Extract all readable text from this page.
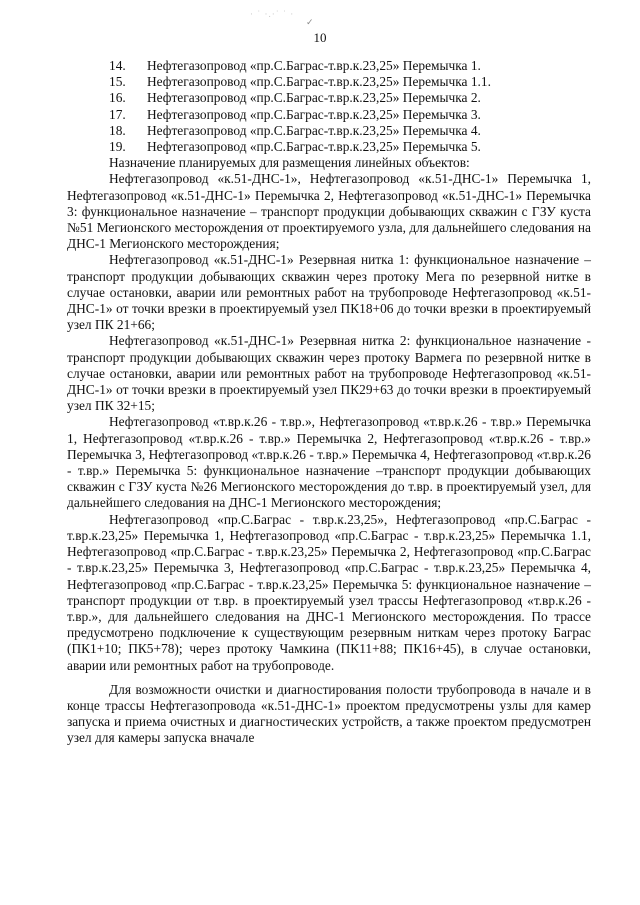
· ˙ ·.·˙ ˙ ·
✓
10
14.	Нефтегазопровод «пр.С.Баграс-т.вр.к.23,25» Перемычка 1.
15.	Нефтегазопровод «пр.С.Баграс-т.вр.к.23,25» Перемычка 1.1.
16.	Нефтегазопровод «пр.С.Баграс-т.вр.к.23,25» Перемычка 2.
17.	Нефтегазопровод «пр.С.Баграс-т.вр.к.23,25» Перемычка 3.
18.	Нефтегазопровод «пр.С.Баграс-т.вр.к.23,25» Перемычка 4.
19.	Нефтегазопровод «пр.С.Баграс-т.вр.к.23,25» Перемычка 5.

Назначение планируемых для размещения линейных объектов:

Нефтегазопровод «к.51-ДНС-1», Нефтегазопровод «к.51-ДНС-1» Перемычка 1, Нефтегазопровод «к.51-ДНС-1» Перемычка 2, Нефтегазопровод «к.51-ДНС-1» Перемычка 3: функциональное назначение – транспорт продукции добывающих скважин с ГЗУ куста №51 Мегионского месторождения от проектируемого узла, для дальнейшего следования на ДНС-1 Мегионского месторождения;

Нефтегазопровод «к.51-ДНС-1» Резервная нитка 1: функциональное назначение – транспорт продукции добывающих скважин через протоку Мега по резервной нитке в случае остановки, аварии или ремонтных работ на трубопроводе Нефтегазопровод «к.51-ДНС-1» от точки врезки в проектируемый узел ПК18+06 до точки врезки в проектируемый узел ПК 21+66;

Нефтегазопровод «к.51-ДНС-1» Резервная нитка 2: функциональное назначение - транспорт продукции добывающих скважин через протоку Вармега по резервной нитке в случае остановки, аварии или ремонтных работ на трубопроводе Нефтегазопровод «к.51-ДНС-1» от точки врезки в проектируемый узел ПК29+63 до точки врезки в проектируемый узел ПК 32+15;

Нефтегазопровод «т.вр.к.26 - т.вр.», Нефтегазопровод «т.вр.к.26 - т.вр.» Перемычка 1, Нефтегазопровод «т.вр.к.26 - т.вр.» Перемычка 2, Нефтегазопровод «т.вр.к.26 - т.вр.» Перемычка 3, Нефтегазопровод «т.вр.к.26 - т.вр.» Перемычка 4, Нефтегазопровод «т.вр.к.26 - т.вр.» Перемычка 5: функциональное назначение –транспорт продукции добывающих скважин с ГЗУ куста №26 Мегионского месторождения до т.вр. в проектируемый узел, для дальнейшего следования на ДНС-1 Мегионского месторождения;

Нефтегазопровод «пр.С.Баграс - т.вр.к.23,25», Нефтегазопровод «пр.С.Баграс - т.вр.к.23,25» Перемычка 1, Нефтегазопровод «пр.С.Баграс - т.вр.к.23,25» Перемычка 1.1, Нефтегазопровод «пр.С.Баграс - т.вр.к.23,25» Перемычка 2, Нефтегазопровод «пр.С.Баграс - т.вр.к.23,25» Перемычка 3, Нефтегазопровод «пр.С.Баграс - т.вр.к.23,25» Перемычка 4, Нефтегазопровод «пр.С.Баграс - т.вр.к.23,25» Перемычка 5: функциональное назначение – транспорт продукции от т.вр. в проектируемый узел трассы Нефтегазопровод «т.вр.к.26 - т.вр.», для дальнейшего следования на ДНС-1 Мегионского месторождения. По трассе предусмотрено подключение к существующим резервным ниткам через протоку Баграс (ПК1+10; ПК5+78); через протоку Чамкина (ПК11+88; ПК16+45), в случае остановки, аварии или ремонтных работ на трубопроводе.

Для возможности очистки и диагностирования полости трубопровода в начале и в конце трассы Нефтегазопровода «к.51-ДНС-1» проектом предусмотрены узлы для камер запуска и приема очистных и диагностических устройств, а также проектом предусмотрен узел для камеры запуска вначале
